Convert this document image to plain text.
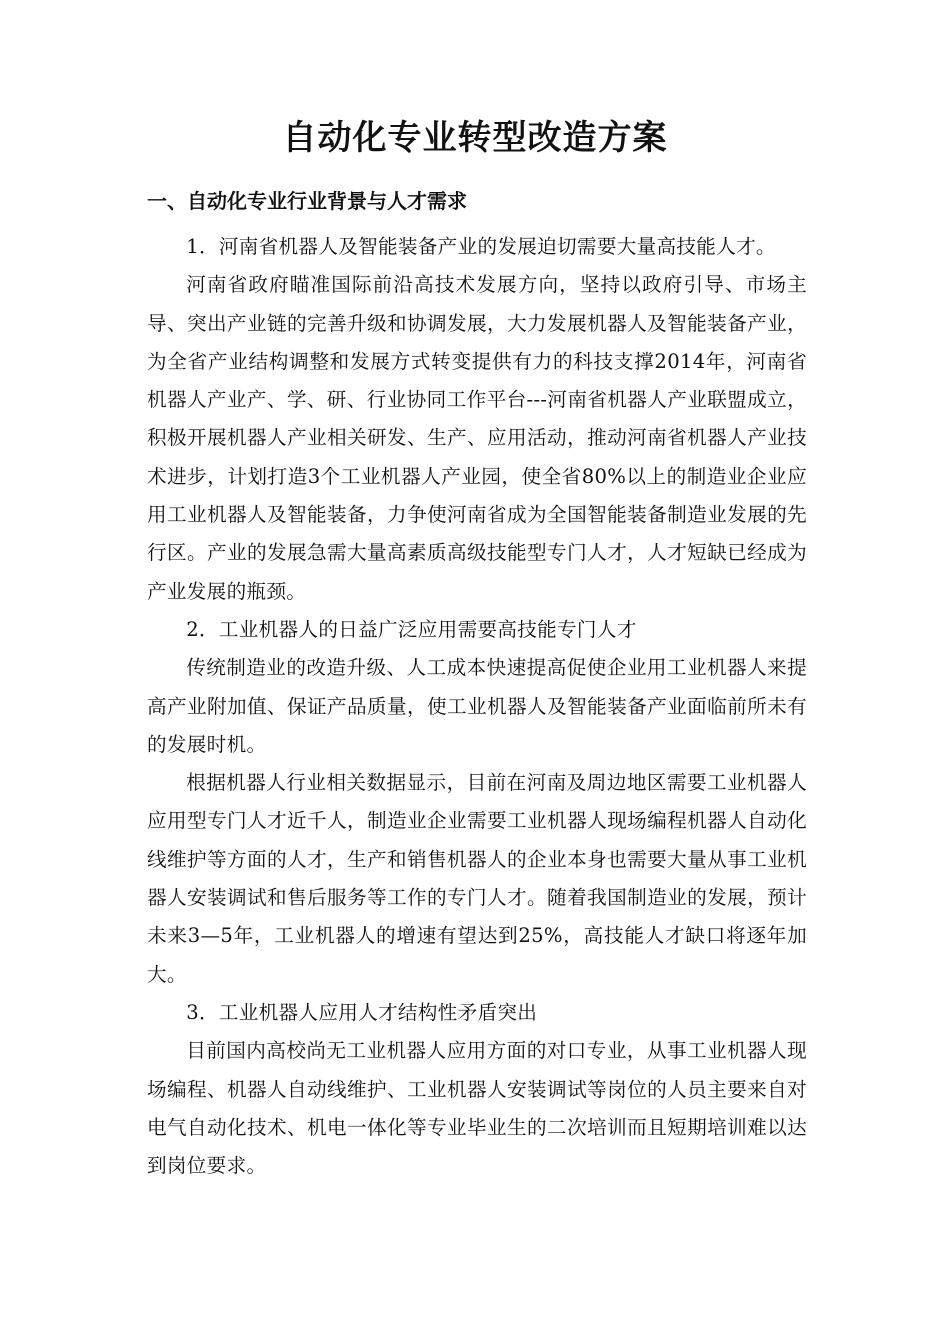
自动化专业转型改造方案
一、自动化专业行业背景与人才需求

1．河南省机器人及智能装备产业的发展迫切需要大量高技能人才。

河南省政府瞄准国际前沿高技术发展方向，坚持以政府引导、市场主导、突出产业链的完善升级和协调发展，大力发展机器人及智能装备产业，为全省产业结构调整和发展方式转变提供有力的科技支撑2014年，河南省机器人产业产、学、研、行业协同工作平台---河南省机器人产业联盟成立，积极开展机器人产业相关研发、生产、应用活动，推动河南省机器人产业技术进步，计划打造3个工业机器人产业园，使全省80%以上的制造业企业应用工业机器人及智能装备，力争使河南省成为全国智能装备制造业发展的先行区。产业的发展急需大量高素质高级技能型专门人才，人才短缺已经成为产业发展的瓶颈。

2．工业机器人的日益广泛应用需要高技能专门人才

传统制造业的改造升级、人工成本快速提高促使企业用工业机器人来提高产业附加值、保证产品质量，使工业机器人及智能装备产业面临前所未有的发展时机。

根据机器人行业相关数据显示，目前在河南及周边地区需要工业机器人应用型专门人才近千人，制造业企业需要工业机器人现场编程机器人自动化线维护等方面的人才，生产和销售机器人的企业本身也需要大量从事工业机器人安装调试和售后服务等工作的专门人才。随着我国制造业的发展，预计未来3—5年，工业机器人的增速有望达到25%，高技能人才缺口将逐年加大。

3．工业机器人应用人才结构性矛盾突出

目前国内高校尚无工业机器人应用方面的对口专业，从事工业机器人现场编程、机器人自动线维护、工业机器人安装调试等岗位的人员主要来自对电气自动化技术、机电一体化等专业毕业生的二次培训而且短期培训难以达到岗位要求。
